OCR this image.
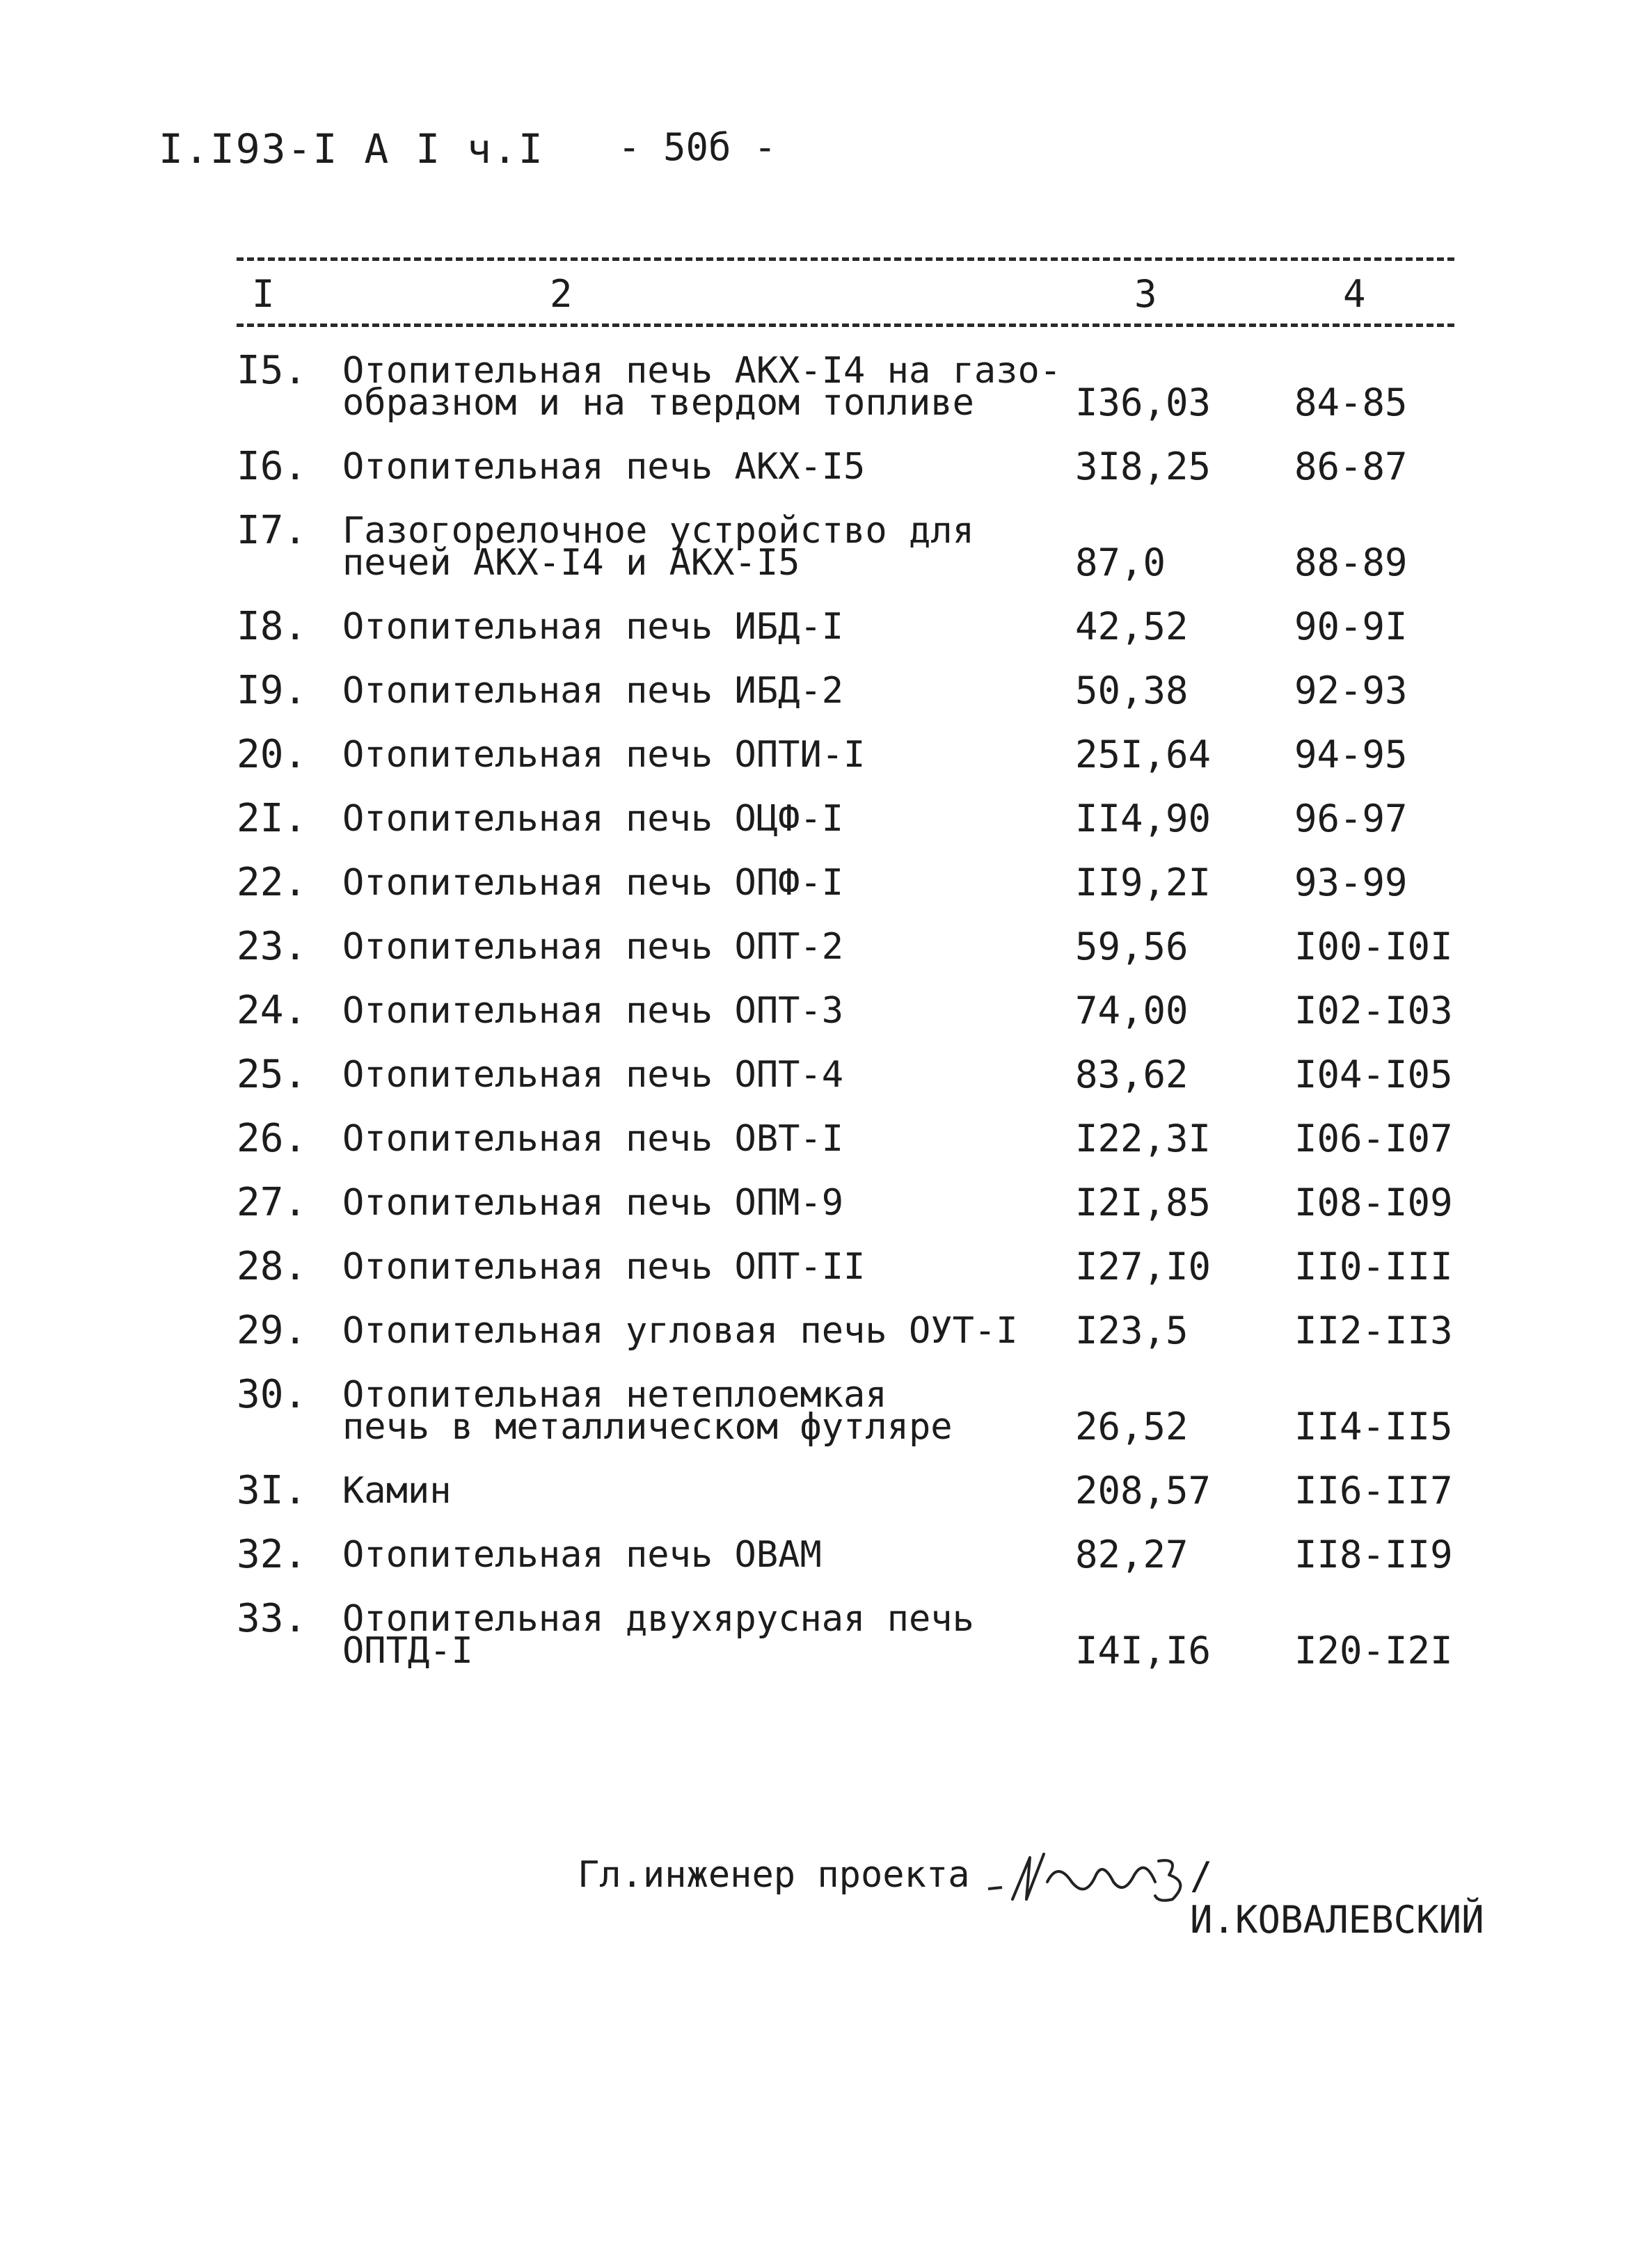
I.I93-I А I ч.I - 50б -
I	2	3	4
I5. Отопительная печь АКХ-I4 на газо-
образном и на твердом топливе	I36,03 84-85
I6. Отопительная печь АКХ-I5	3I8,25 86-87
I7. Газогорелочное устройство для
печей АКХ-I4 и АКХ-I5	87,0	88-89
I8. Отопительная печь ИБД-I	42,52	90-9I
I9. Отопительная печь ИБД-2	50,38	92-93
20. Отопительная печь ОПТИ-I	25I,64 94-95
2I. Отопительная печь ОЦФ-I	II4,90 96-97
22. Отопительная печь ОПФ-I	II9,2I 93-99
23. Отопительная печь ОПТ-2	59,56	I00-I0I
24. Отопительная печь ОПТ-3	74,00	I02-I03
25. Отопительная печь ОПТ-4	83,62	I04-I05
26. Отопительная печь ОВТ-I	I22,3I I06-I07
27. Отопительная печь ОПМ-9	I2I,85 I08-I09
28. Отопительная печь ОПТ-II	I27,I0 II0-III
29. Отопительная угловая печь ОУТ-I	I23,5	II2-II3
30. Отопительная нетеплоемкая
печь в металлическом футляре	26,52	II4-II5
3I. Камин	208,57 II6-II7
32. Отопительная печь ОВАМ	82,27	II8-II9
33. Отопительная двухярусная печь
ОПТД-I	I4I,I6 I20-I2I
Гл.инженер проекта	/И.КОВАЛЕВСКИЙ
